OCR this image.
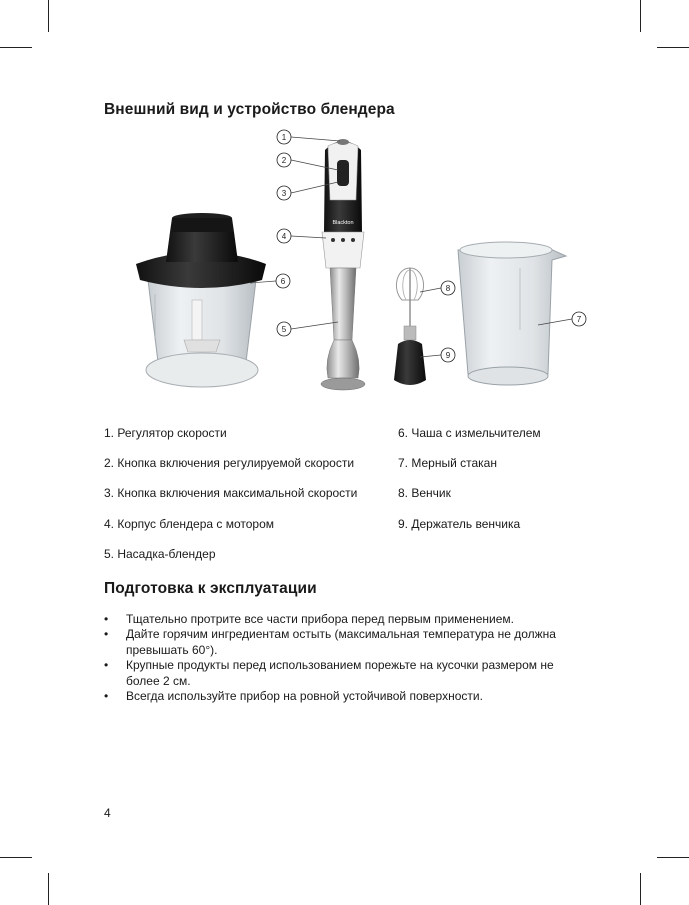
Внешний вид и устройство блендера
Blackton
1
2
3
4
5
6
7
8
9
1. Регулятор скорости
2. Кнопка включения регулируемой скорости
3. Кнопка включения максимальной скорости
4. Корпус блендера с мотором
5. Насадка-блендер
6. Чаша с измельчителем
7. Мерный стакан
8. Венчик
9. Держатель венчика
Подготовка к эксплуатации
• Тщательно протрите все части прибора перед первым применением.
• Дайте горячим ингредиентам остыть (максимальная температура не должна превышать 60°).
• Крупные продукты перед использованием порежьте на кусочки размером не более 2 см.
• Всегда используйте прибор на ровной устойчивой поверхности.
4
